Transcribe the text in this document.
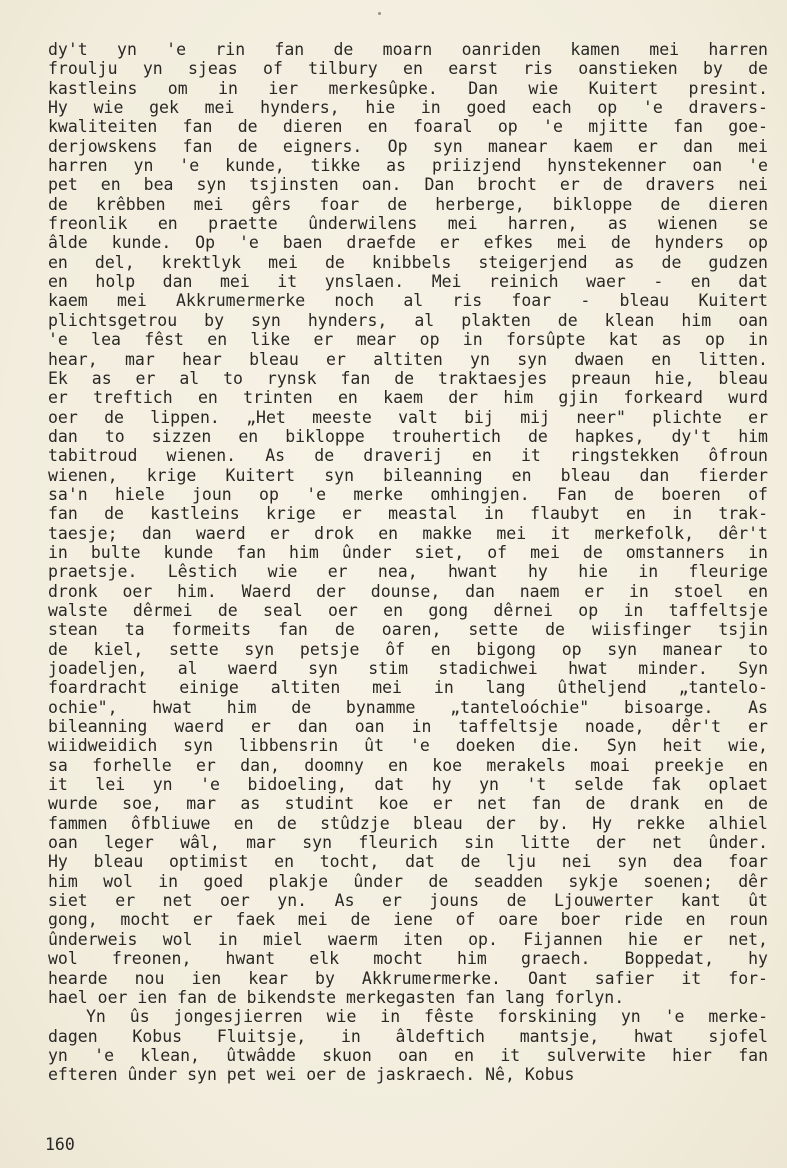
dy't yn 'e rin fan de moarn oanriden kamen mei harren
froulju yn sjeas of tilbury en earst ris oanstieken by de
kastleins om in ier merkesûpke. Dan wie Kuitert presint.
Hy wie gek mei hynders, hie in goed each op 'e dravers-
kwaliteiten fan de dieren en foaral op 'e mjitte fan goe-
derjowskens fan de eigners. Op syn manear kaem er dan mei
harren yn 'e kunde, tikke as priizjend hynstekenner oan 'e
pet en bea syn tsjinsten oan. Dan brocht er de dravers nei
de krêbben mei gêrs foar de herberge, bikloppe de dieren
freonlik en praette ûnderwilens mei harren, as wienen se
âlde kunde. Op 'e baen draefde er efkes mei de hynders op
en del, krektlyk mei de knibbels steigerjend as de gudzen
en holp dan mei it ynslaen. Mei reinich waer - en dat
kaem mei Akkrumermerke noch al ris foar - bleau Kuitert
plichtsgetrou by syn hynders, al plakten de klean him oan
'e lea fêst en like er mear op in forsûpte kat as op in
hear, mar hear bleau er altiten yn syn dwaen en litten.
Ek as er al to rynsk fan de traktaesjes preaun hie, bleau
er treftich en trinten en kaem der him gjin forkeard wurd
oer de lippen. „Het meeste valt bij mij neer" plichte er
dan to sizzen en bikloppe trouhertich de hapkes, dy't him
tabitroud wienen. As de draverij en it ringstekken ôfroun
wienen, krige Kuitert syn bileanning en bleau dan fierder
sa'n hiele joun op 'e merke omhingjen. Fan de boeren of
fan de kastleins krige er meastal in flaubyt en in trak-
taesje; dan waerd er drok en makke mei it merkefolk, dêr't
in bulte kunde fan him ûnder siet, of mei de omstanners in
praetsje. Lêstich wie er nea, hwant hy hie in fleurige
dronk oer him. Waerd der dounse, dan naem er in stoel en
walste dêrmei de seal oer en gong dêrnei op in taffeltsje
stean ta formeits fan de oaren, sette de wiisfinger tsjin
de kiel, sette syn petsje ôf en bigong op syn manear to
joadeljen, al waerd syn stim stadichwei hwat minder. Syn
foardracht einige altiten mei in lang ûtheljend „tantelo-
ochie", hwat him de bynamme „tanteloóchie" bisoarge. As
bileanning waerd er dan oan in taffeltsje noade, dêr't er
wiidweidich syn libbensrin ût 'e doeken die. Syn heit wie,
sa forhelle er dan, doomny en koe merakels moai preekje en
it lei yn 'e bidoeling, dat hy yn 't selde fak oplaet
wurde soe, mar as studint koe er net fan de drank en de
fammen ôfbliuwe en de stûdzje bleau der by. Hy rekke alhiel
oan leger wâl, mar syn fleurich sin litte der net ûnder.
Hy bleau optimist en tocht, dat de lju nei syn dea foar
him wol in goed plakje ûnder de seadden sykje soenen; dêr
siet er net oer yn. As er jouns de Ljouwerter kant ût
gong, mocht er faek mei de iene of oare boer ride en roun
ûnderweis wol in miel waerm iten op. Fijannen hie er net,
wol freonen, hwant elk mocht him graech. Boppedat, hy
hearde nou ien kear by Akkrumermerke. Oant safier it for-
hael oer ien fan de bikendste merkegasten fan lang forlyn.
Yn ûs jongesjierren wie in fêste forskining yn 'e merke-
dagen Kobus Fluitsje, in âldeftich mantsje, hwat sjofel
yn 'e klean, ûtwâdde skuon oan en it sulverwite hier fan
efteren ûnder syn pet wei oer de jaskraech. Nê, Kobus
160
